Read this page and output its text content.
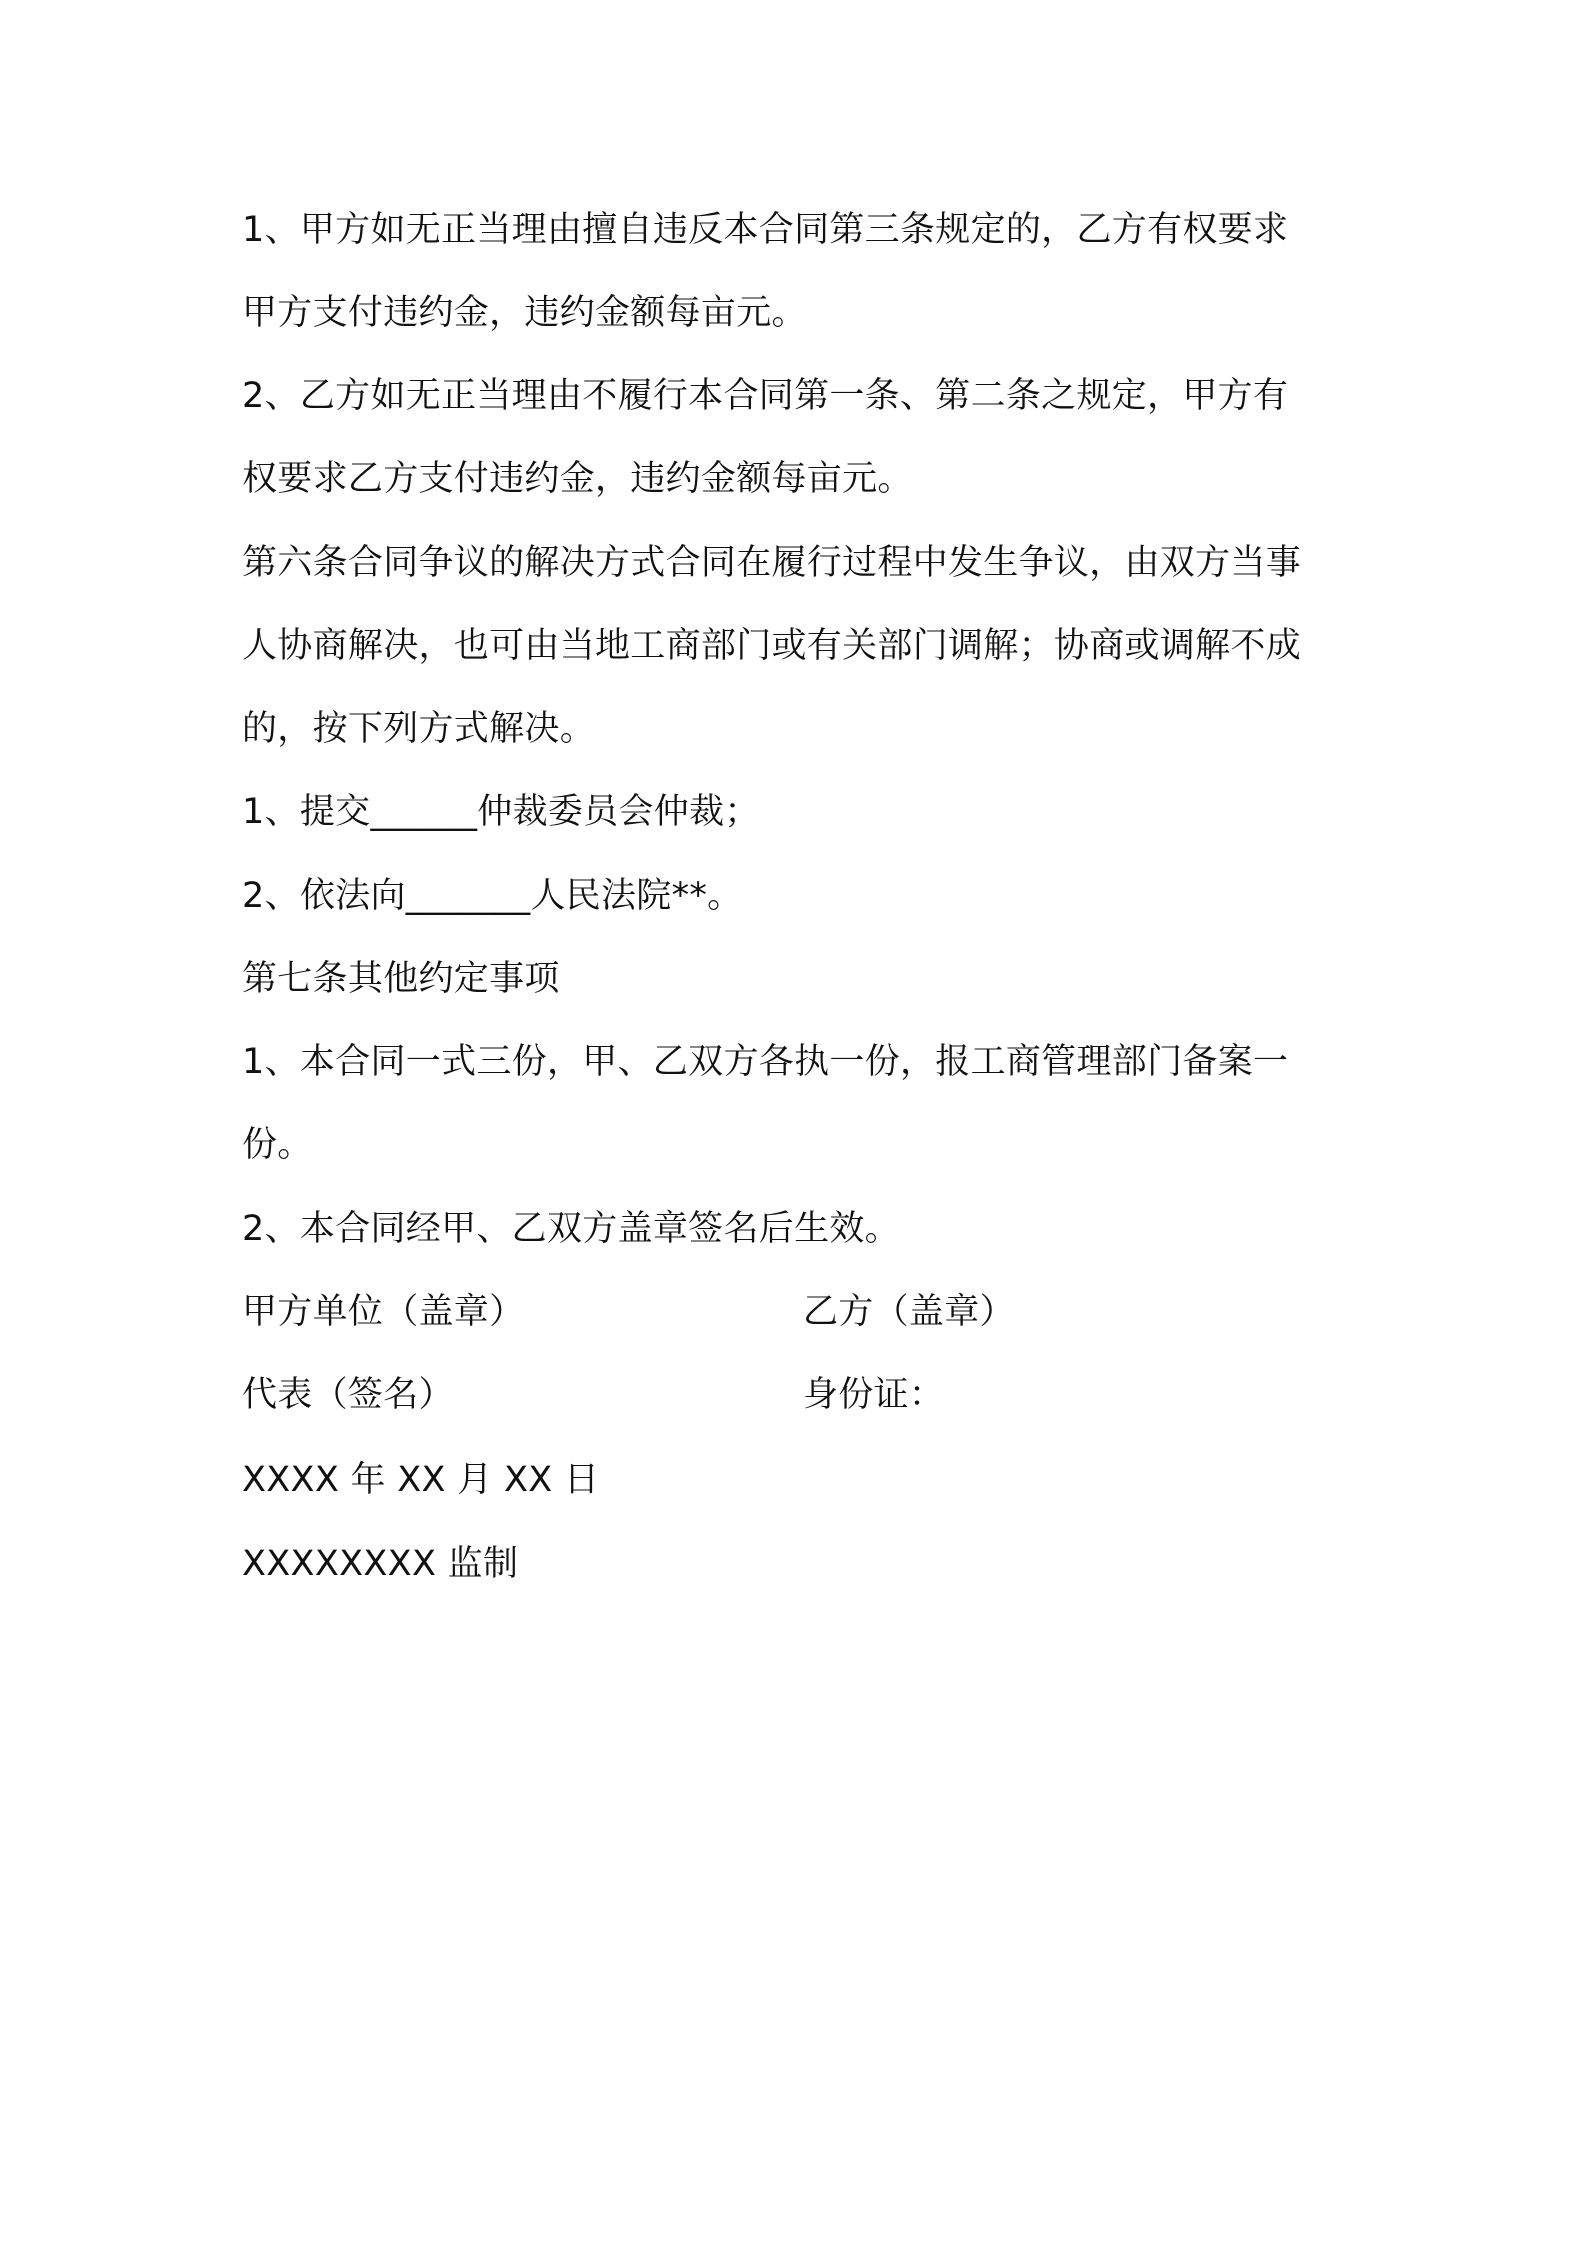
1、甲方如无正当理由擅自违反本合同第三条规定的，乙方有权要求
甲方支付违约金，违约金额每亩元。
2、乙方如无正当理由不履行本合同第一条、第二条之规定，甲方有
权要求乙方支付违约金，违约金额每亩元。
第六条合同争议的解决方式合同在履行过程中发生争议，由双方当事
人协商解决，也可由当地工商部门或有关部门调解；协商或调解不成
的，按下列方式解决。
1、提交______仲裁委员会仲裁；
2、依法向_______人民法院**。
第七条其他约定事项
1、本合同一式三份，甲、乙双方各执一份，报工商管理部门备案一
份。
2、本合同经甲、乙双方盖章签名后生效。
甲方单位（盖章）	乙方（盖章）
代表（签名）	身份证：
XXXX 年 XX 月 XX 日
XXXXXXXX 监制
